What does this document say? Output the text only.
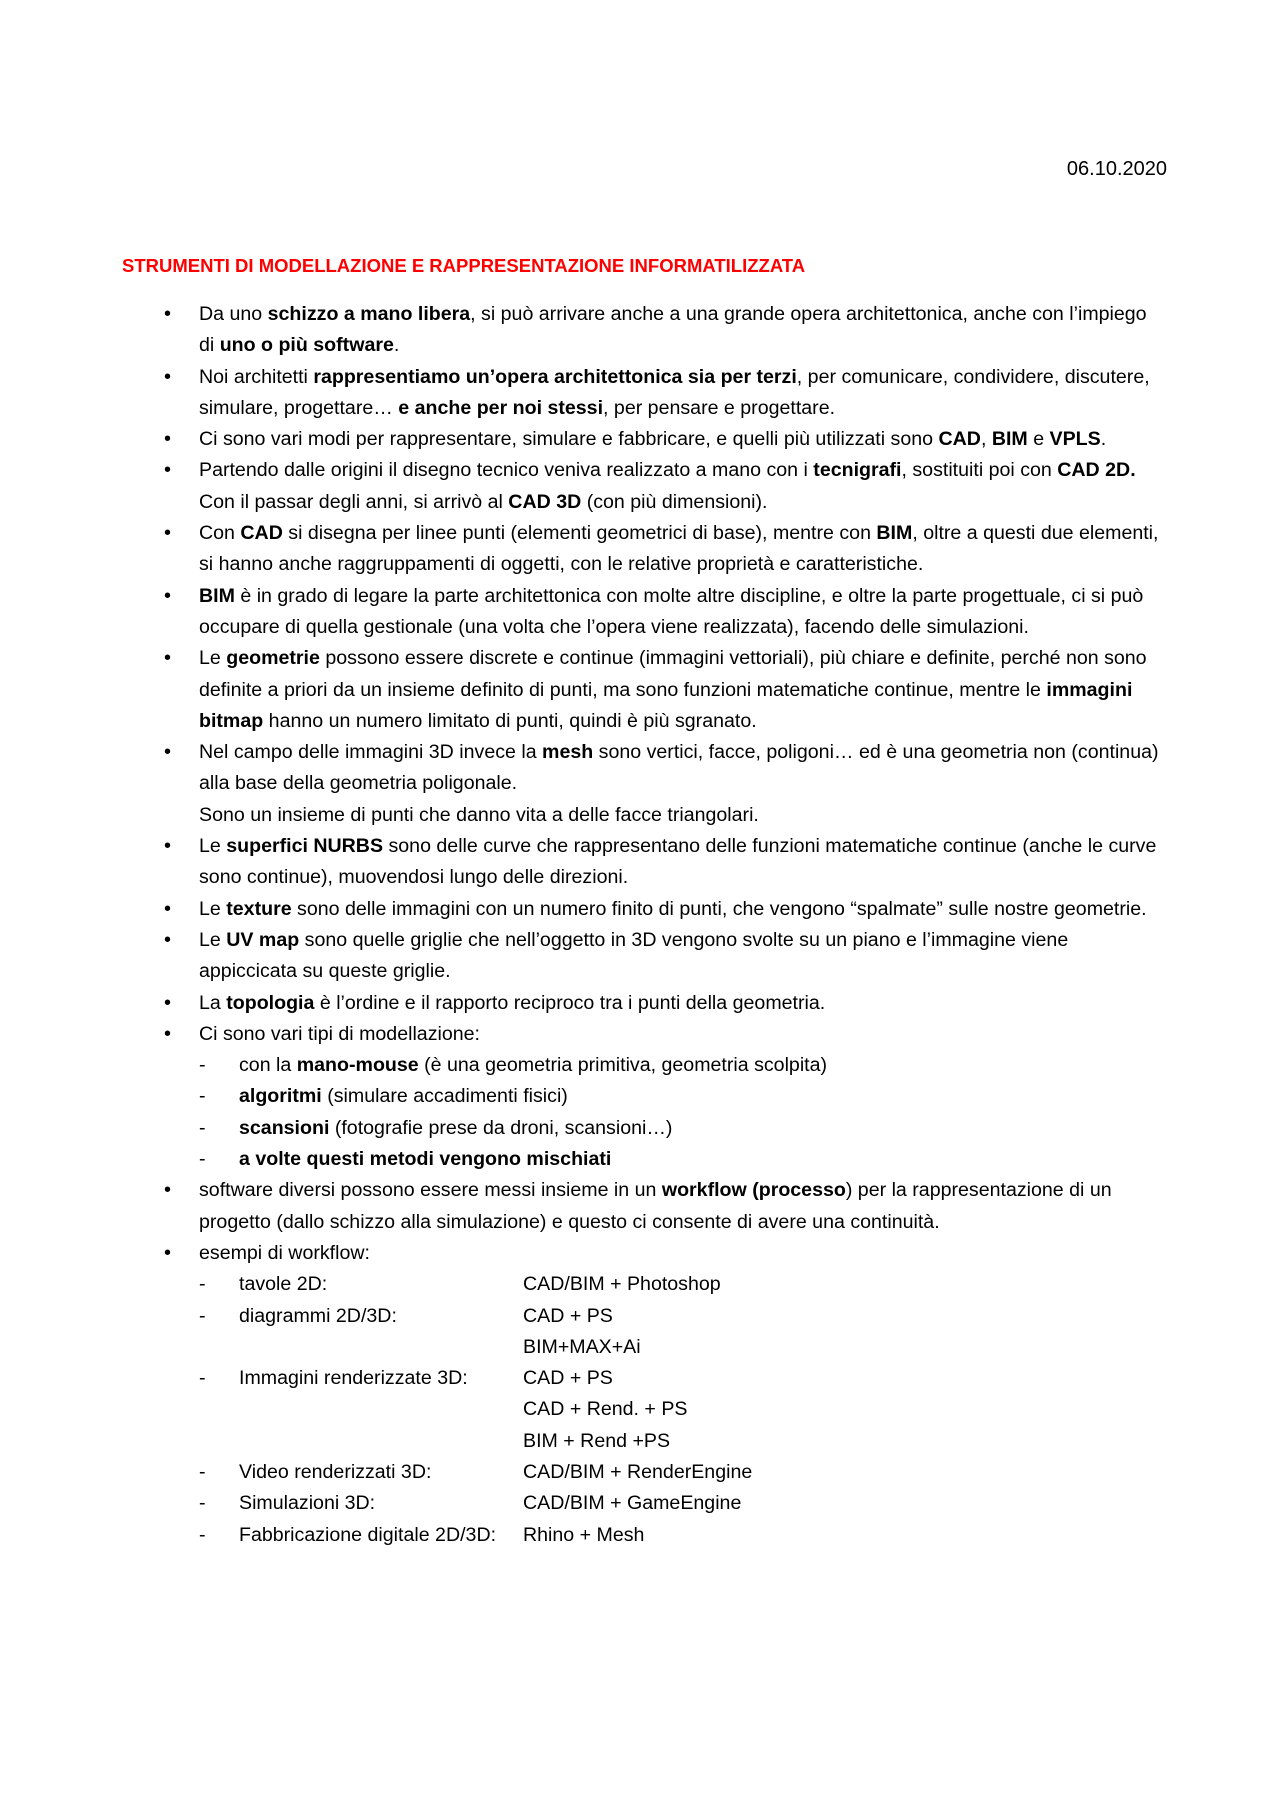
06.10.2020
STRUMENTI DI MODELLAZIONE E RAPPRESENTAZIONE INFORMATILIZZATA
• Da uno schizzo a mano libera, si può arrivare anche a una grande opera architettonica, anche con l’impiego di uno o più software.
• Noi architetti rappresentiamo un’opera architettonica sia per terzi, per comunicare, condividere, discutere, simulare, progettare… e anche per noi stessi, per pensare e progettare.
• Ci sono vari modi per rappresentare, simulare e fabbricare, e quelli più utilizzati sono CAD, BIM e VPLS.
• Partendo dalle origini il disegno tecnico veniva realizzato a mano con i tecnigrafi, sostituiti poi con CAD 2D.
Con il passar degli anni, si arrivò al CAD 3D (con più dimensioni).
• Con CAD si disegna per linee punti (elementi geometrici di base), mentre con BIM, oltre a questi due elementi, si hanno anche raggruppamenti di oggetti, con le relative proprietà e caratteristiche.
• BIM è in grado di legare la parte architettonica con molte altre discipline, e oltre la parte progettuale, ci si può occupare di quella gestionale (una volta che l’opera viene realizzata), facendo delle simulazioni.
• Le geometrie possono essere discrete e continue (immagini vettoriali), più chiare e definite, perché non sono definite a priori da un insieme definito di punti, ma sono funzioni matematiche continue, mentre le immagini bitmap hanno un numero limitato di punti, quindi è più sgranato.
• Nel campo delle immagini 3D invece la mesh sono vertici, facce, poligoni… ed è una geometria non (continua) alla base della geometria poligonale.
Sono un insieme di punti che danno vita a delle facce triangolari.
• Le superfici NURBS sono delle curve che rappresentano delle funzioni matematiche continue (anche le curve sono continue), muovendosi lungo delle direzioni.
• Le texture sono delle immagini con un numero finito di punti, che vengono “spalmate” sulle nostre geometrie.
• Le UV map sono quelle griglie che nell’oggetto in 3D vengono svolte su un piano e l’immagine viene appiccicata su queste griglie.
• La topologia è l’ordine e il rapporto reciproco tra i punti della geometria.
• Ci sono vari tipi di modellazione:
- con la mano-mouse (è una geometria primitiva, geometria scolpita)
- algoritmi (simulare accadimenti fisici)
- scansioni (fotografie prese da droni, scansioni…)
- a volte questi metodi vengono mischiati
• software diversi possono essere messi insieme in un workflow (processo) per la rappresentazione di un progetto (dallo schizzo alla simulazione) e questo ci consente di avere una continuità.
• esempi di workflow:
- tavole 2D:	CAD/BIM + Photoshop
- diagrammi 2D/3D:	CAD + PS
BIM+MAX+Ai
- Immagini renderizzate 3D:	CAD + PS
CAD + Rend. + PS
BIM + Rend +PS
- Video renderizzati 3D:	CAD/BIM + RenderEngine
- Simulazioni 3D:	CAD/BIM + GameEngine
- Fabbricazione digitale 2D/3D:	Rhino + Mesh
